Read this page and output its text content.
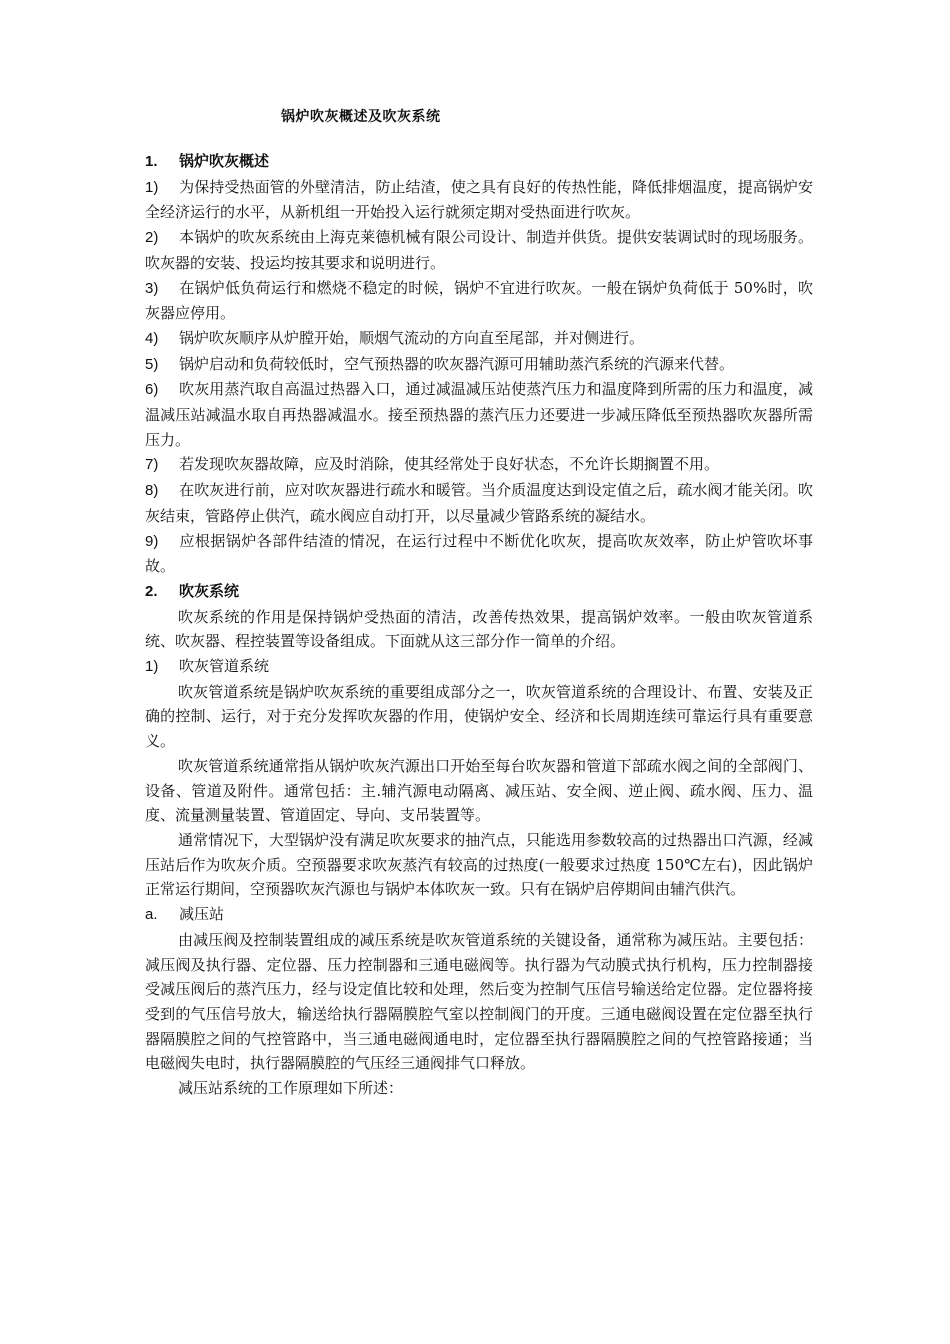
锅炉吹灰概述及吹灰系统

1. 锅炉吹灰概述

1) 为保持受热面管的外壁清洁，防止结渣，使之具有良好的传热性能，降低排烟温度，提高锅炉安全经济运行的水平，从新机组一开始投入运行就须定期对受热面进行吹灰。

2) 本锅炉的吹灰系统由上海克莱德机械有限公司设计、制造并供货。提供安装调试时的现场服务。吹灰器的安装、投运均按其要求和说明进行。

3) 在锅炉低负荷运行和燃烧不稳定的时候，锅炉不宜进行吹灰。一般在锅炉负荷低于 50%时，吹灰器应停用。

4) 锅炉吹灰顺序从炉膛开始，顺烟气流动的方向直至尾部，并对侧进行。

5) 锅炉启动和负荷较低时，空气预热器的吹灰器汽源可用辅助蒸汽系统的汽源来代替。

6) 吹灰用蒸汽取自高温过热器入口，通过减温减压站使蒸汽压力和温度降到所需的压力和温度，减温减压站减温水取自再热器减温水。接至预热器的蒸汽压力还要进一步减压降低至预热器吹灰器所需压力。

7) 若发现吹灰器故障，应及时消除，使其经常处于良好状态，不允许长期搁置不用。

8) 在吹灰进行前，应对吹灰器进行疏水和暖管。当介质温度达到设定值之后，疏水阀才能关闭。吹灰结束，管路停止供汽，疏水阀应自动打开，以尽量减少管路系统的凝结水。

9) 应根据锅炉各部件结渣的情况，在运行过程中不断优化吹灰，提高吹灰效率，防止炉管吹坏事故。

2. 吹灰系统

吹灰系统的作用是保持锅炉受热面的清洁，改善传热效果，提高锅炉效率。一般由吹灰管道系统、吹灰器、程控装置等设备组成。下面就从这三部分作一简单的介绍。

1) 吹灰管道系统

吹灰管道系统是锅炉吹灰系统的重要组成部分之一，吹灰管道系统的合理设计、布置、安装及正确的控制、运行，对于充分发挥吹灰器的作用，使锅炉安全、经济和长周期连续可靠运行具有重要意义。

吹灰管道系统通常指从锅炉吹灰汽源出口开始至每台吹灰器和管道下部疏水阀之间的全部阀门、设备、管道及附件。通常包括：主.辅汽源电动隔离、减压站、安全阀、逆止阀、疏水阀、压力、温度、流量测量装置、管道固定、导向、支吊装置等。

通常情况下，大型锅炉没有满足吹灰要求的抽汽点，只能选用参数较高的过热器出口汽源，经减压站后作为吹灰介质。空预器要求吹灰蒸汽有较高的过热度(一般要求过热度 150℃左右)，因此锅炉正常运行期间，空预器吹灰汽源也与锅炉本体吹灰一致。只有在锅炉启停期间由辅汽供汽。

a. 减压站

由减压阀及控制装置组成的减压系统是吹灰管道系统的关键设备，通常称为减压站。主要包括：减压阀及执行器、定位器、压力控制器和三通电磁阀等。执行器为气动膜式执行机构，压力控制器接受减压阀后的蒸汽压力，经与设定值比较和处理，然后变为控制气压信号输送给定位器。定位器将接受到的气压信号放大，输送给执行器隔膜腔气室以控制阀门的开度。三通电磁阀设置在定位器至执行器隔膜腔之间的气控管路中，当三通电磁阀通电时，定位器至执行器隔膜腔之间的气控管路接通；当电磁阀失电时，执行器隔膜腔的气压经三通阀排气口释放。

减压站系统的工作原理如下所述：
